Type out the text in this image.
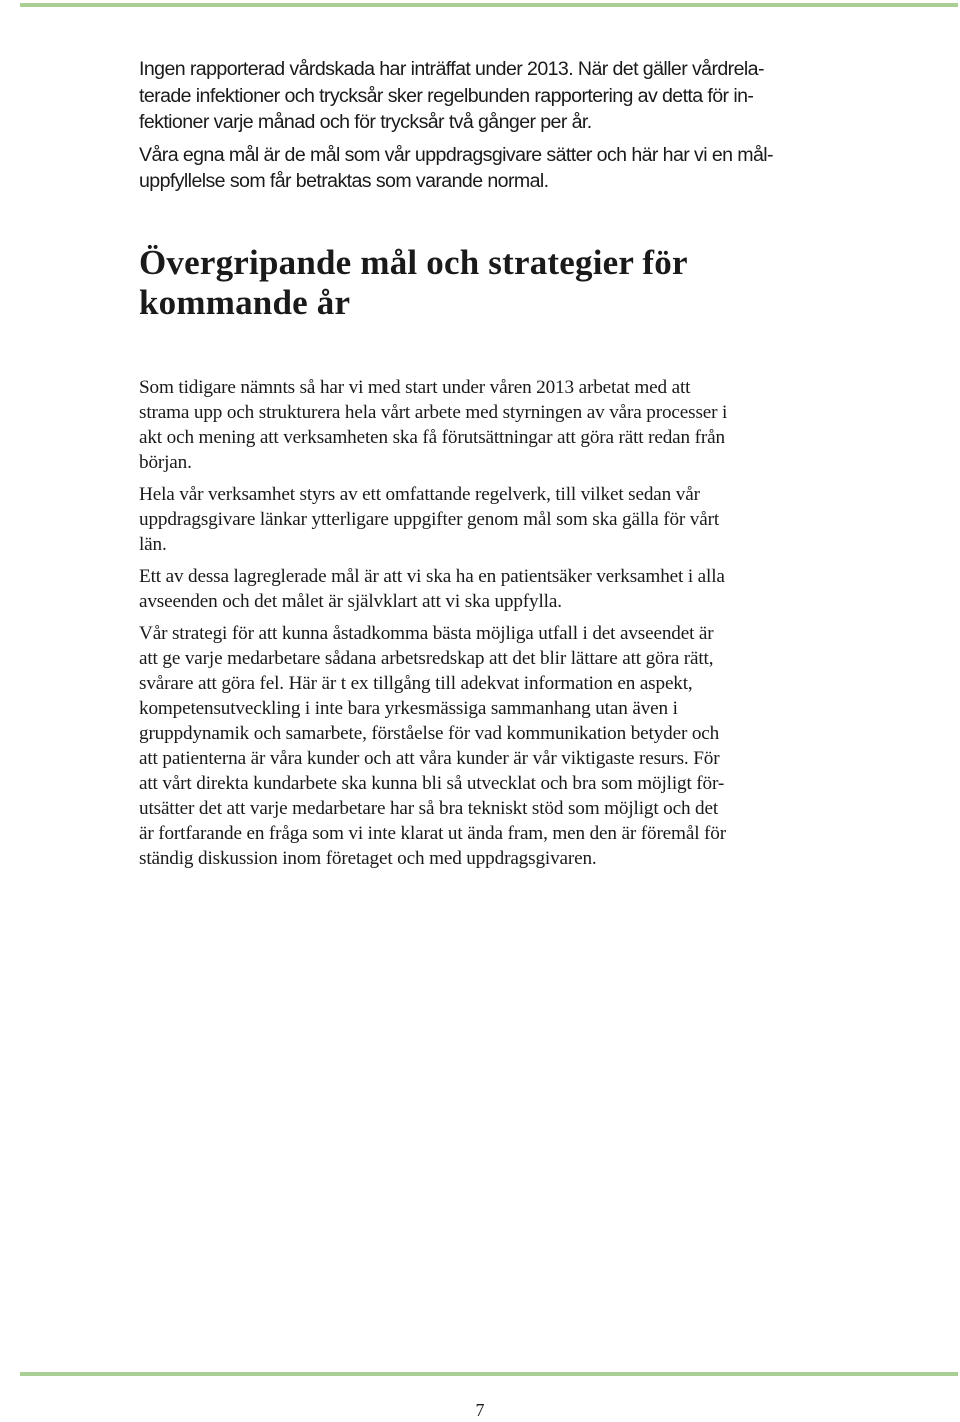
Ingen rapporterad vårdskada har inträffat under 2013. När det gäller vårdrela-
terade infektioner och trycksår sker regelbunden rapportering av detta för in-
fektioner varje månad och för trycksår två gånger per år.

Våra egna mål är de mål som vår uppdragsgivare sätter och här har vi en mål-
uppfyllelse som får betraktas som varande normal.

Övergripande mål och strategier för
kommande år

Som tidigare nämnts så har vi med start under våren 2013 arbetat med att
strama upp och strukturera hela vårt arbete med styrningen av våra processer i
akt och mening att verksamheten ska få förutsättningar att göra rätt redan från
början.

Hela vår verksamhet styrs av ett omfattande regelverk, till vilket sedan vår
uppdragsgivare länkar ytterligare uppgifter genom mål som ska gälla för vårt
län.

Ett av dessa lagreglerade mål är att vi ska ha en patientsäker verksamhet i alla
avseenden och det målet är självklart att vi ska uppfylla.

Vår strategi för att kunna åstadkomma bästa möjliga utfall i det avseendet är
att ge varje medarbetare sådana arbetsredskap att det blir lättare att göra rätt,
svårare att göra fel. Här är t ex tillgång till adekvat information en aspekt,
kompetensutveckling i inte bara yrkesmässiga sammanhang utan även i
gruppdynamik och samarbete, förståelse för vad kommunikation betyder och
att patienterna är våra kunder och att våra kunder är vår viktigaste resurs. För
att vårt direkta kundarbete ska kunna bli så utvecklat och bra som möjligt för-
utsätter det att varje medarbetare har så bra tekniskt stöd som möjligt och det
är fortfarande en fråga som vi inte klarat ut ända fram, men den är föremål för
ständig diskussion inom företaget och med uppdragsgivaren.

7
